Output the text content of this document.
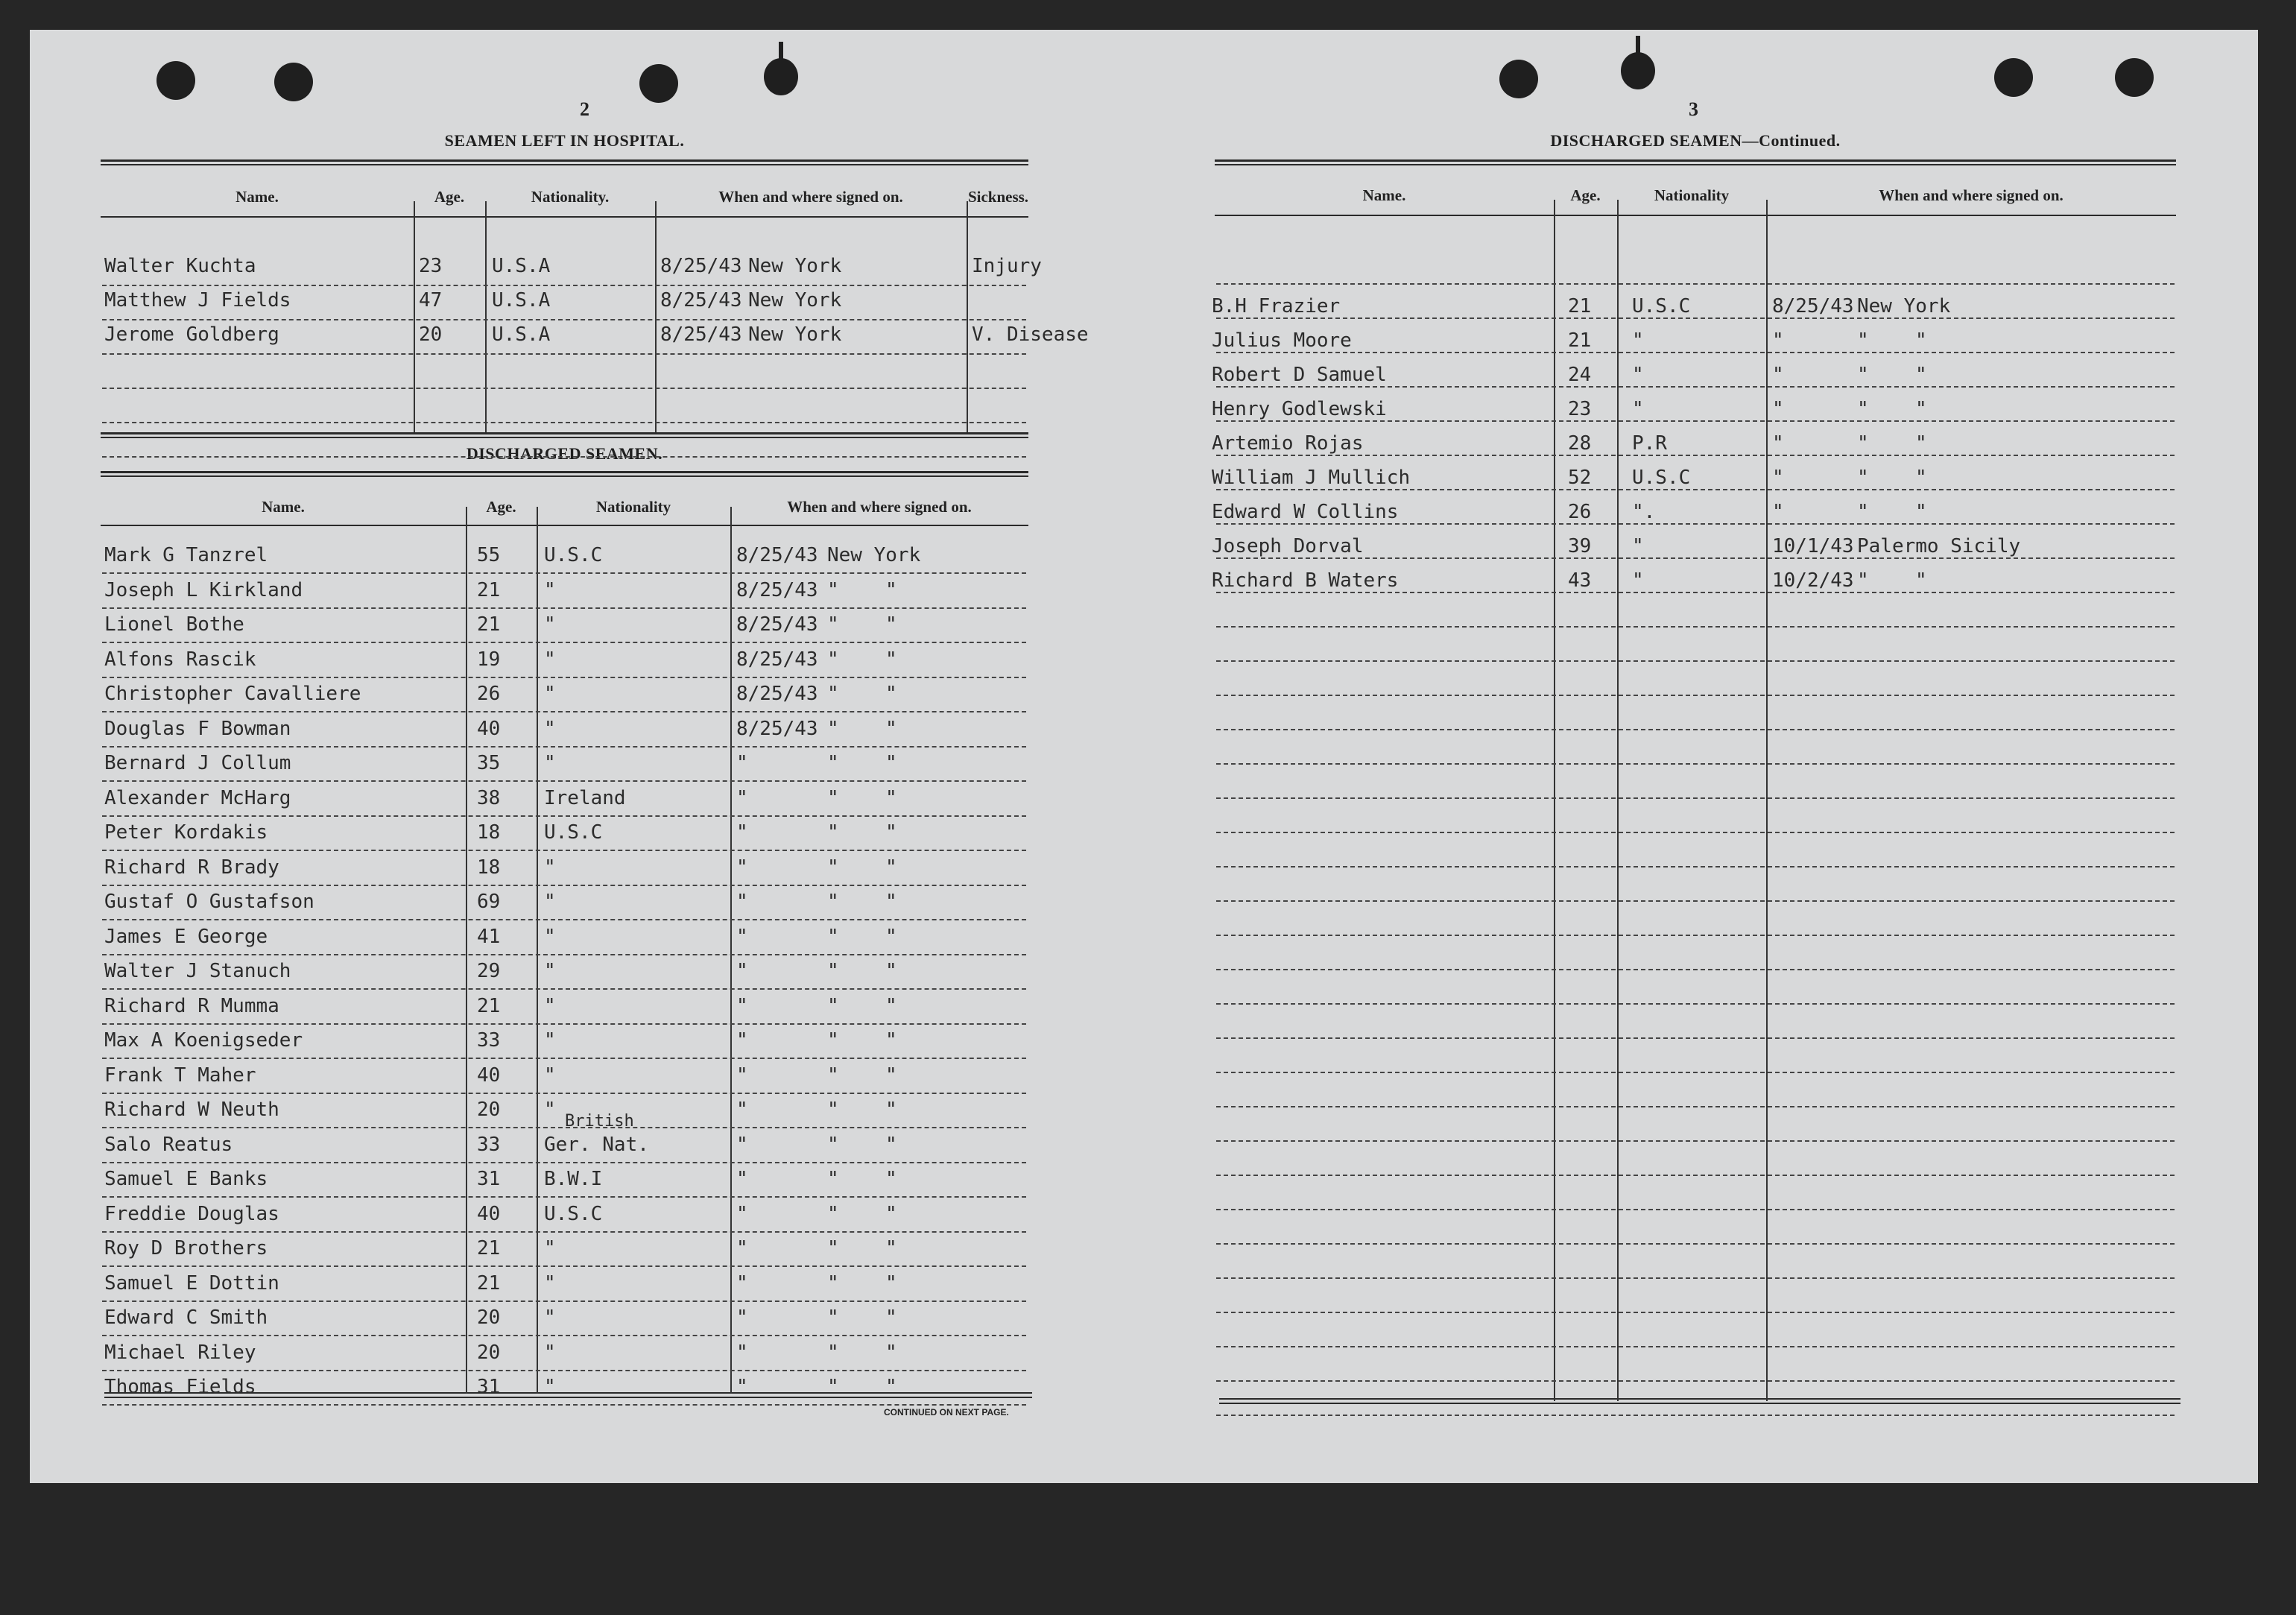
2
SEAMEN LEFT IN HOSPITAL.
DISCHARGED SEAMEN.
British
CONTINUED ON NEXT PAGE.
3
DISCHARGED SEAMEN—Continued.
Name.	Age.	Nationality.	When and where signed on.	Sickness.
Walter Kuchta	23	U.S.A	8/25/43 New York	Injury
Matthew J Fields	47	U.S.A	8/25/43 New York
Jerome Goldberg	20	U.S.A	8/25/43 New York	V. Disease
Name.	Age.	Nationality	When and where signed on.
Mark G Tanzrel	55 U.S.C	8/25/43 New York
Joseph L Kirkland	21 "	8/25/43 " "
Lionel Bothe	21 "	8/25/43 " "
Alfons Rascik	19 "	8/25/43 " "
Christopher Cavalliere	26 "	8/25/43 " "
Douglas F Bowman	40 "	8/25/43 " "
Bernard J Collum	35 "	"	" "
Alexander McHarg	38 Ireland	"	" "
Peter Kordakis	18 U.S.C	"	" "
Richard R Brady	18 "	"	" "
Gustaf O Gustafson	69 "	"	" "
James E George	41 "	"	" "
Walter J Stanuch	29 "	"	" "
Richard R Mumma	21 "	"	" "
Max A Koenigseder	33 "	"	" "
Frank T Maher	40 "	"	" "
Richard W Neuth	20 "	"	" "
Salo Reatus	33 Ger. Nat.	"	" "
Samuel E Banks	31 B.W.I	"	" "
Freddie Douglas	40 U.S.C	"	" "
Roy D Brothers	21 "	"	" "
Samuel E Dottin	21 "	"	" "
Edward C Smith	20 "	"	" "
Michael Riley	20 "	"	" "
Thomas Fields	31 "	"	" "
Name.	Age.	Nationality	When and where signed on.
B.H Frazier	21 U.S.C	8/25/43 New York
Julius Moore	21 "	"	" "
Robert D Samuel	24 "	"	" "
Henry Godlewski	23 "	"	" "
Artemio Rojas	28 P.R	"	" "
William J Mullich	52 U.S.C	"	" "
Edward W Collins	26 ".	"	" "
Joseph Dorval	39 "	10/1/43 Palermo Sicily
Richard B Waters	43 "	10/2/43 " "
